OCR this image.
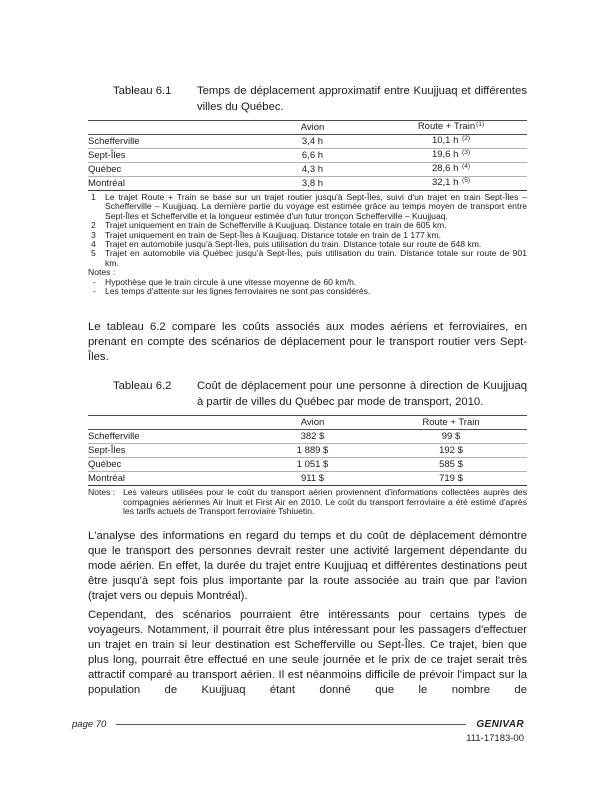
Tableau 6.1	Temps de déplacement approximatif entre Kuujjuaq et différentes villes du Québec.
	Avion	Route + Train$^{(1)}$
Schefferville	3,4 h	10,1 h $^{(2)}$
Sept-Îles	6,6 h	19,6 h $^{(3)}$
Québec	4,3 h	28,6 h $^{(4)}$
Montréal	3,8 h	32,1 h $^{(5)}$
1 Le trajet Route + Train se base sur un trajet routier jusqu'à Sept-Îles, suivi d'un trajet en train Sept-Îles – Schefferville – Kuujjuaq. La dernière partie du voyage est estimée grâce au temps moyen de transport entre Sept-Îles et Schefferville et la longueur estimée d'un futur tronçon Schefferville – Kuujjuaq.
2 Trajet uniquement en train de Schefferville à Kuujjuaq. Distance totale en train de 605 km.
3 Trajet uniquement en train de Sept-Îles à Kuujjuaq. Distance totale en train de 1 177 km.
4 Trajet en automobile jusqu'à Sept-Îles, puis utilisation du train. Distance totale sur route de 648 km.
5 Trajet en automobile via Québec jusqu'à Sept-Îles, puis utilisation du train. Distance totale sur route de 901 km.
Notes :
- Hypothèse que le train circule à une vitesse moyenne de 60 km/h.
- Les temps d'attente sur les lignes ferroviaires ne sont pas considérés.
Le tableau 6.2 compare les coûts associés aux modes aériens et ferroviaires, en prenant en compte des scénarios de déplacement pour le transport routier vers Sept-Îles.
Tableau 6.2	Coût de déplacement pour une personne à direction de Kuujjuaq à partir de villes du Québec par mode de transport, 2010.
	Avion	Route + Train
Schefferville	382 $	99 $
Sept-Îles	1 889 $	192 $
Québec	1 051 $	585 $
Montréal	911 $	719 $
Notes : Les valeurs utilisées pour le coût du transport aérien proviennent d'informations collectées auprès des compagnies aériennes Air Inuit et First Air en 2010. Le coût du transport ferroviaire a été estimé d'après les tarifs actuels de Transport ferroviaire Tshiuetin.
L'analyse des informations en regard du temps et du coût de déplacement démontre que le transport des personnes devrait rester une activité largement dépendante du mode aérien. En effet, la durée du trajet entre Kuujjuaq et différentes destinations peut être jusqu'à sept fois plus importante par la route associée au train que par l'avion (trajet vers ou depuis Montréal).
Cependant, des scénarios pourraient être intéressants pour certains types de voyageurs. Notamment, il pourrait être plus intéressant pour les passagers d'effectuer un trajet en train si leur destination est Schefferville ou Sept-Îles. Ce trajet, bien que plus long, pourrait être effectué en une seule journée et le prix de ce trajet serait très attractif comparé au transport aérien. Il est néanmoins difficile de prévoir l'impact sur la population de Kuujjuaq étant donné que le nombre de
page 70	GENIVAR
111-17183-00
